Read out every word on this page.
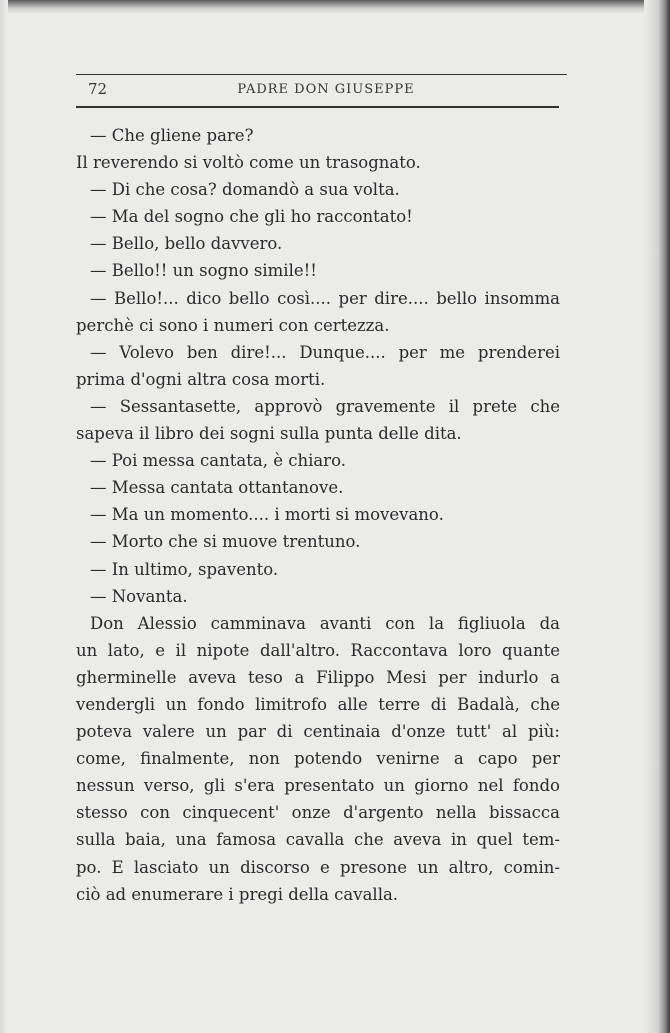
72	PADRE DON GIUSEPPE
— Che gliene pare?
Il reverendo si voltò come un trasognato.
— Di che cosa? domandò a sua volta.
— Ma del sogno che gli ho raccontato!
— Bello, bello davvero.
— Bello!! un sogno simile!!
— Bello!... dico bello così.... per dire.... bello insomma
perchè ci sono i numeri con certezza.
— Volevo ben dire!... Dunque.... per me prenderei
prima d'ogni altra cosa morti.
— Sessantasette, approvò gravemente il prete che
sapeva il libro dei sogni sulla punta delle dita.
— Poi messa cantata, è chiaro.
— Messa cantata ottantanove.
— Ma un momento.... i morti si movevano.
— Morto che si muove trentuno.
— In ultimo, spavento.
— Novanta.
Don Alessio camminava avanti con la figliuola da
un lato, e il nipote dall'altro. Raccontava loro quante
gherminelle aveva teso a Filippo Mesi per indurlo a
vendergli un fondo limitrofo alle terre di Badalà, che
poteva valere un par di centinaia d'onze tutt' al più:
come, finalmente, non potendo venirne a capo per
nessun verso, gli s'era presentato un giorno nel fondo
stesso con cinquecent' onze d'argento nella bissacca
sulla baia, una famosa cavalla che aveva in quel tem-
po. E lasciato un discorso e presone un altro, comin-
ciò ad enumerare i pregi della cavalla.
